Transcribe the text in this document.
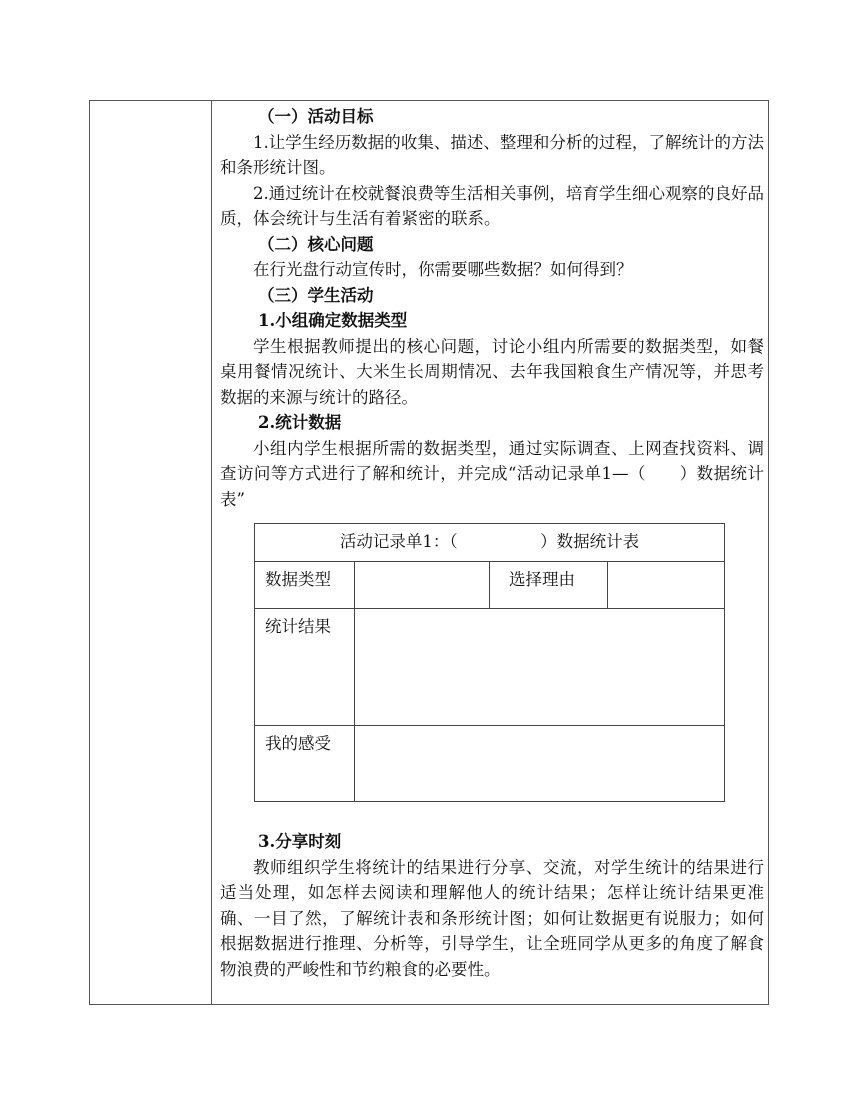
（一）活动目标

1.让学生经历数据的收集、描述、整理和分析的过程，了解统计的方法和条形统计图。

2.通过统计在校就餐浪费等生活相关事例，培育学生细心观察的良好品质，体会统计与生活有着紧密的联系。

（二）核心问题

在行光盘行动宣传时，你需要哪些数据？如何得到？

（三）学生活动

1.小组确定数据类型

学生根据教师提出的核心问题，讨论小组内所需要的数据类型，如餐桌用餐情况统计、大米生长周期情况、去年我国粮食生产情况等，并思考数据的来源与统计的路径。

2.统计数据

小组内学生根据所需的数据类型，通过实际调查、上网查找资料、调查访问等方式进行了解和统计，并完成“活动记录单1—（　　）数据统计表”

活动记录单1：（　　　　　）数据统计表
数据类型	选择理由
统计结果
我的感受

3.分享时刻

教师组织学生将统计的结果进行分享、交流，对学生统计的结果进行适当处理，如怎样去阅读和理解他人的统计结果；怎样让统计结果更准确、一目了然，了解统计表和条形统计图；如何让数据更有说服力；如何根据数据进行推理、分析等，引导学生，让全班同学从更多的角度了解食物浪费的严峻性和节约粮食的必要性。
